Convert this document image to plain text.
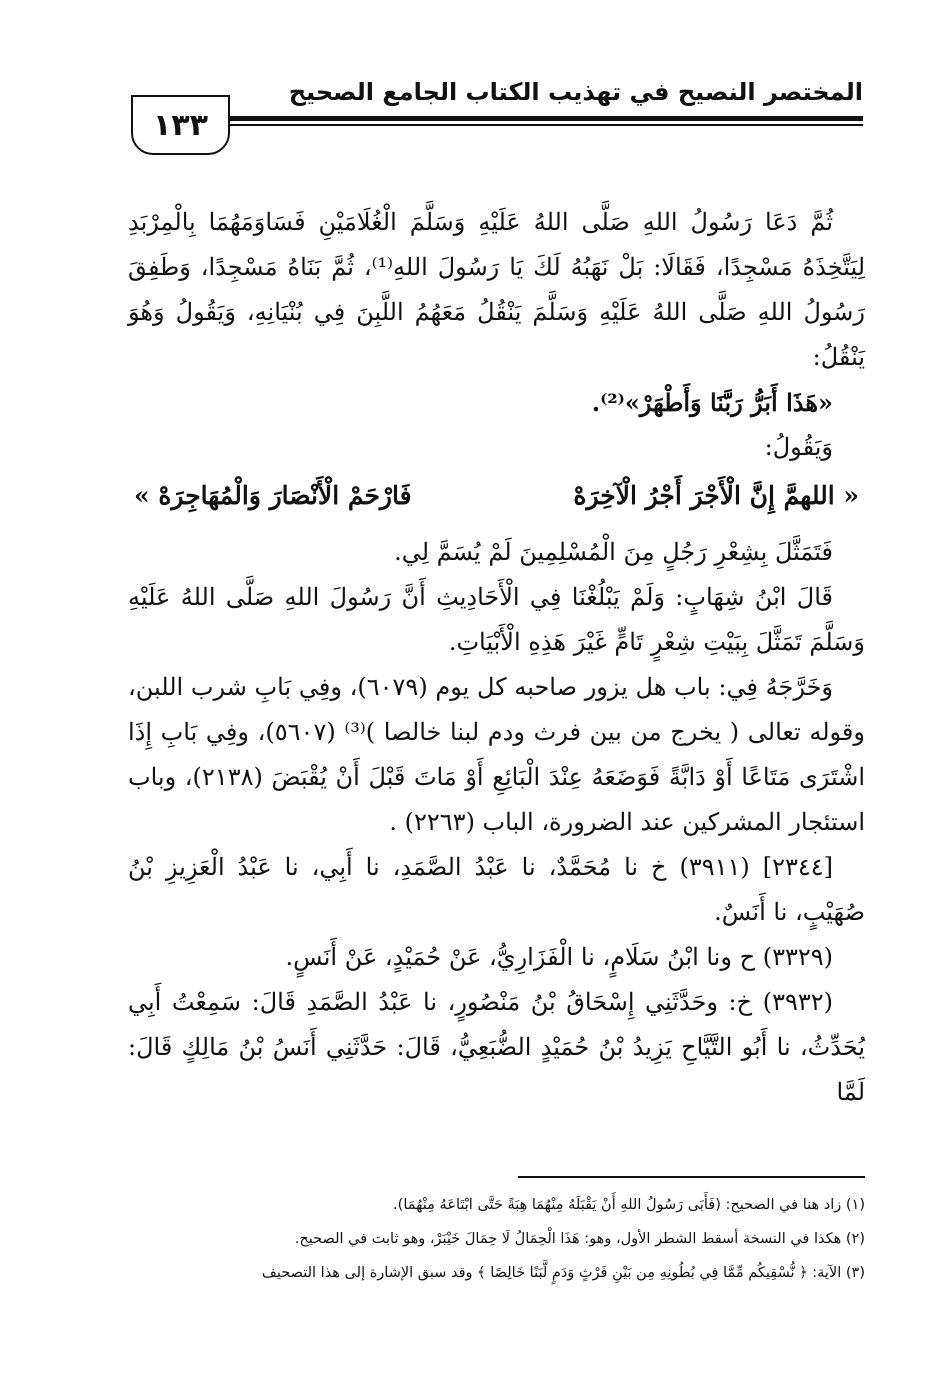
المختصر النصيح في تهذيب الكتاب الجامع الصحيح
١٣٣

ثُمَّ دَعَا رَسُولُ اللهِ صَلَّى اللهُ عَلَيْهِ وَسَلَّمَ الْغُلَامَيْنِ فَسَاوَمَهُمَا بِالْمِرْبَدِ لِيَتَّخِذَهُ مَسْجِدًا، فَقَالَا: بَلْ نَهَبُهُ لَكَ يَا رَسُولَ اللهِ⁽¹⁾، ثُمَّ بَنَاهُ مَسْجِدًا، وَطَفِقَ رَسُولُ اللهِ صَلَّى اللهُ عَلَيْهِ وَسَلَّمَ يَنْقُلُ مَعَهُمُ اللَّبِنَ فِي بُنْيَانِهِ، وَيَقُولُ وَهُوَ يَنْقُلُ:

«هَذَا أَبَرُّ رَبَّنَا وَأَطْهَرْ»⁽²⁾.

وَيَقُولُ:

« اللهمَّ إِنَّ الْأَجْرَ أَجْرُ الْآخِرَهْ
فَارْحَمْ الْأَنْصَارَ وَالْمُهَاجِرَهْ »

فَتَمَثَّلَ بِشِعْرِ رَجُلٍ مِنَ الْمُسْلِمِينَ لَمْ يُسَمَّ لِي.

قَالَ ابْنُ شِهَابٍ: وَلَمْ يَبْلُغْنَا فِي الْأَحَادِيثِ أَنَّ رَسُولَ اللهِ صَلَّى اللهُ عَلَيْهِ وَسَلَّمَ تَمَثَّلَ بِبَيْتِ شِعْرٍ تَامٍّ غَيْرَ هَذِهِ الْأَبْيَاتِ.

وَخَرَّجَهُ فِي: باب هل يزور صاحبه كل يوم (٦٠٧٩)، وفِي بَابِ شرب اللبن، وقوله تعالى ( يخرج من بين فرث ودم لبنا خالصا )⁽³⁾ (٥٦٠٧)، وفِي بَابِ إِذَا اشْتَرَى مَتَاعًا أَوْ دَابَّةً فَوَضَعَهُ عِنْدَ الْبَائِعِ أَوْ مَاتَ قَبْلَ أَنْ يُقْبَضَ (٢١٣٨)، وباب استئجار المشركين عند الضرورة، الباب (٢٢٦٣) .

[٢٣٤٤] (٣٩١١) خ نا مُحَمَّدٌ، نا عَبْدُ الصَّمَدِ، نا أَبِي، نا عَبْدُ الْعَزِيزِ بْنُ صُهَيْبٍ، نا أَنَسٌ.

(٣٣٢٩) ح ونا ابْنُ سَلَامٍ، نا الْفَزَارِيُّ، عَنْ حُمَيْدٍ، عَنْ أَنَسٍ.

(٣٩٣٢) خ: وحَدَّثَنِي إِسْحَاقُ بْنُ مَنْصُورٍ، نا عَبْدُ الصَّمَدِ قَالَ: سَمِعْتُ أَبِي يُحَدِّثُ، نا أَبُو التَّيَّاحِ يَزِيدُ بْنُ حُمَيْدٍ الضُّبَعِيُّ، قَالَ: حَدَّثَنِي أَنَسُ بْنُ مَالِكٍ قَالَ: لَمَّا

(١) زاد هنا في الصحيح: (فَأَبَى رَسُولُ اللهِ أَنْ يَقْبَلَهُ مِنْهُمَا هِبَةً حَتَّى ابْتَاعَهُ مِنْهُمَا).

(٢) هكذا في النسخة أسقط الشطر الأول، وهو: هَذَا الْحِمَالُ لَا حِمَالَ خَيْبَرْ، وهو ثابت في الصحيح.

(٣) الآية: ﴿ نُّسْقِيكُم مِّمَّا فِي بُطُونِهِ مِن بَيْنِ فَرْثٍ وَدَمٍ لَّبَنًا خَالِصًا ﴾ وقد سبق الإشارة إلى هذا التصحيف
